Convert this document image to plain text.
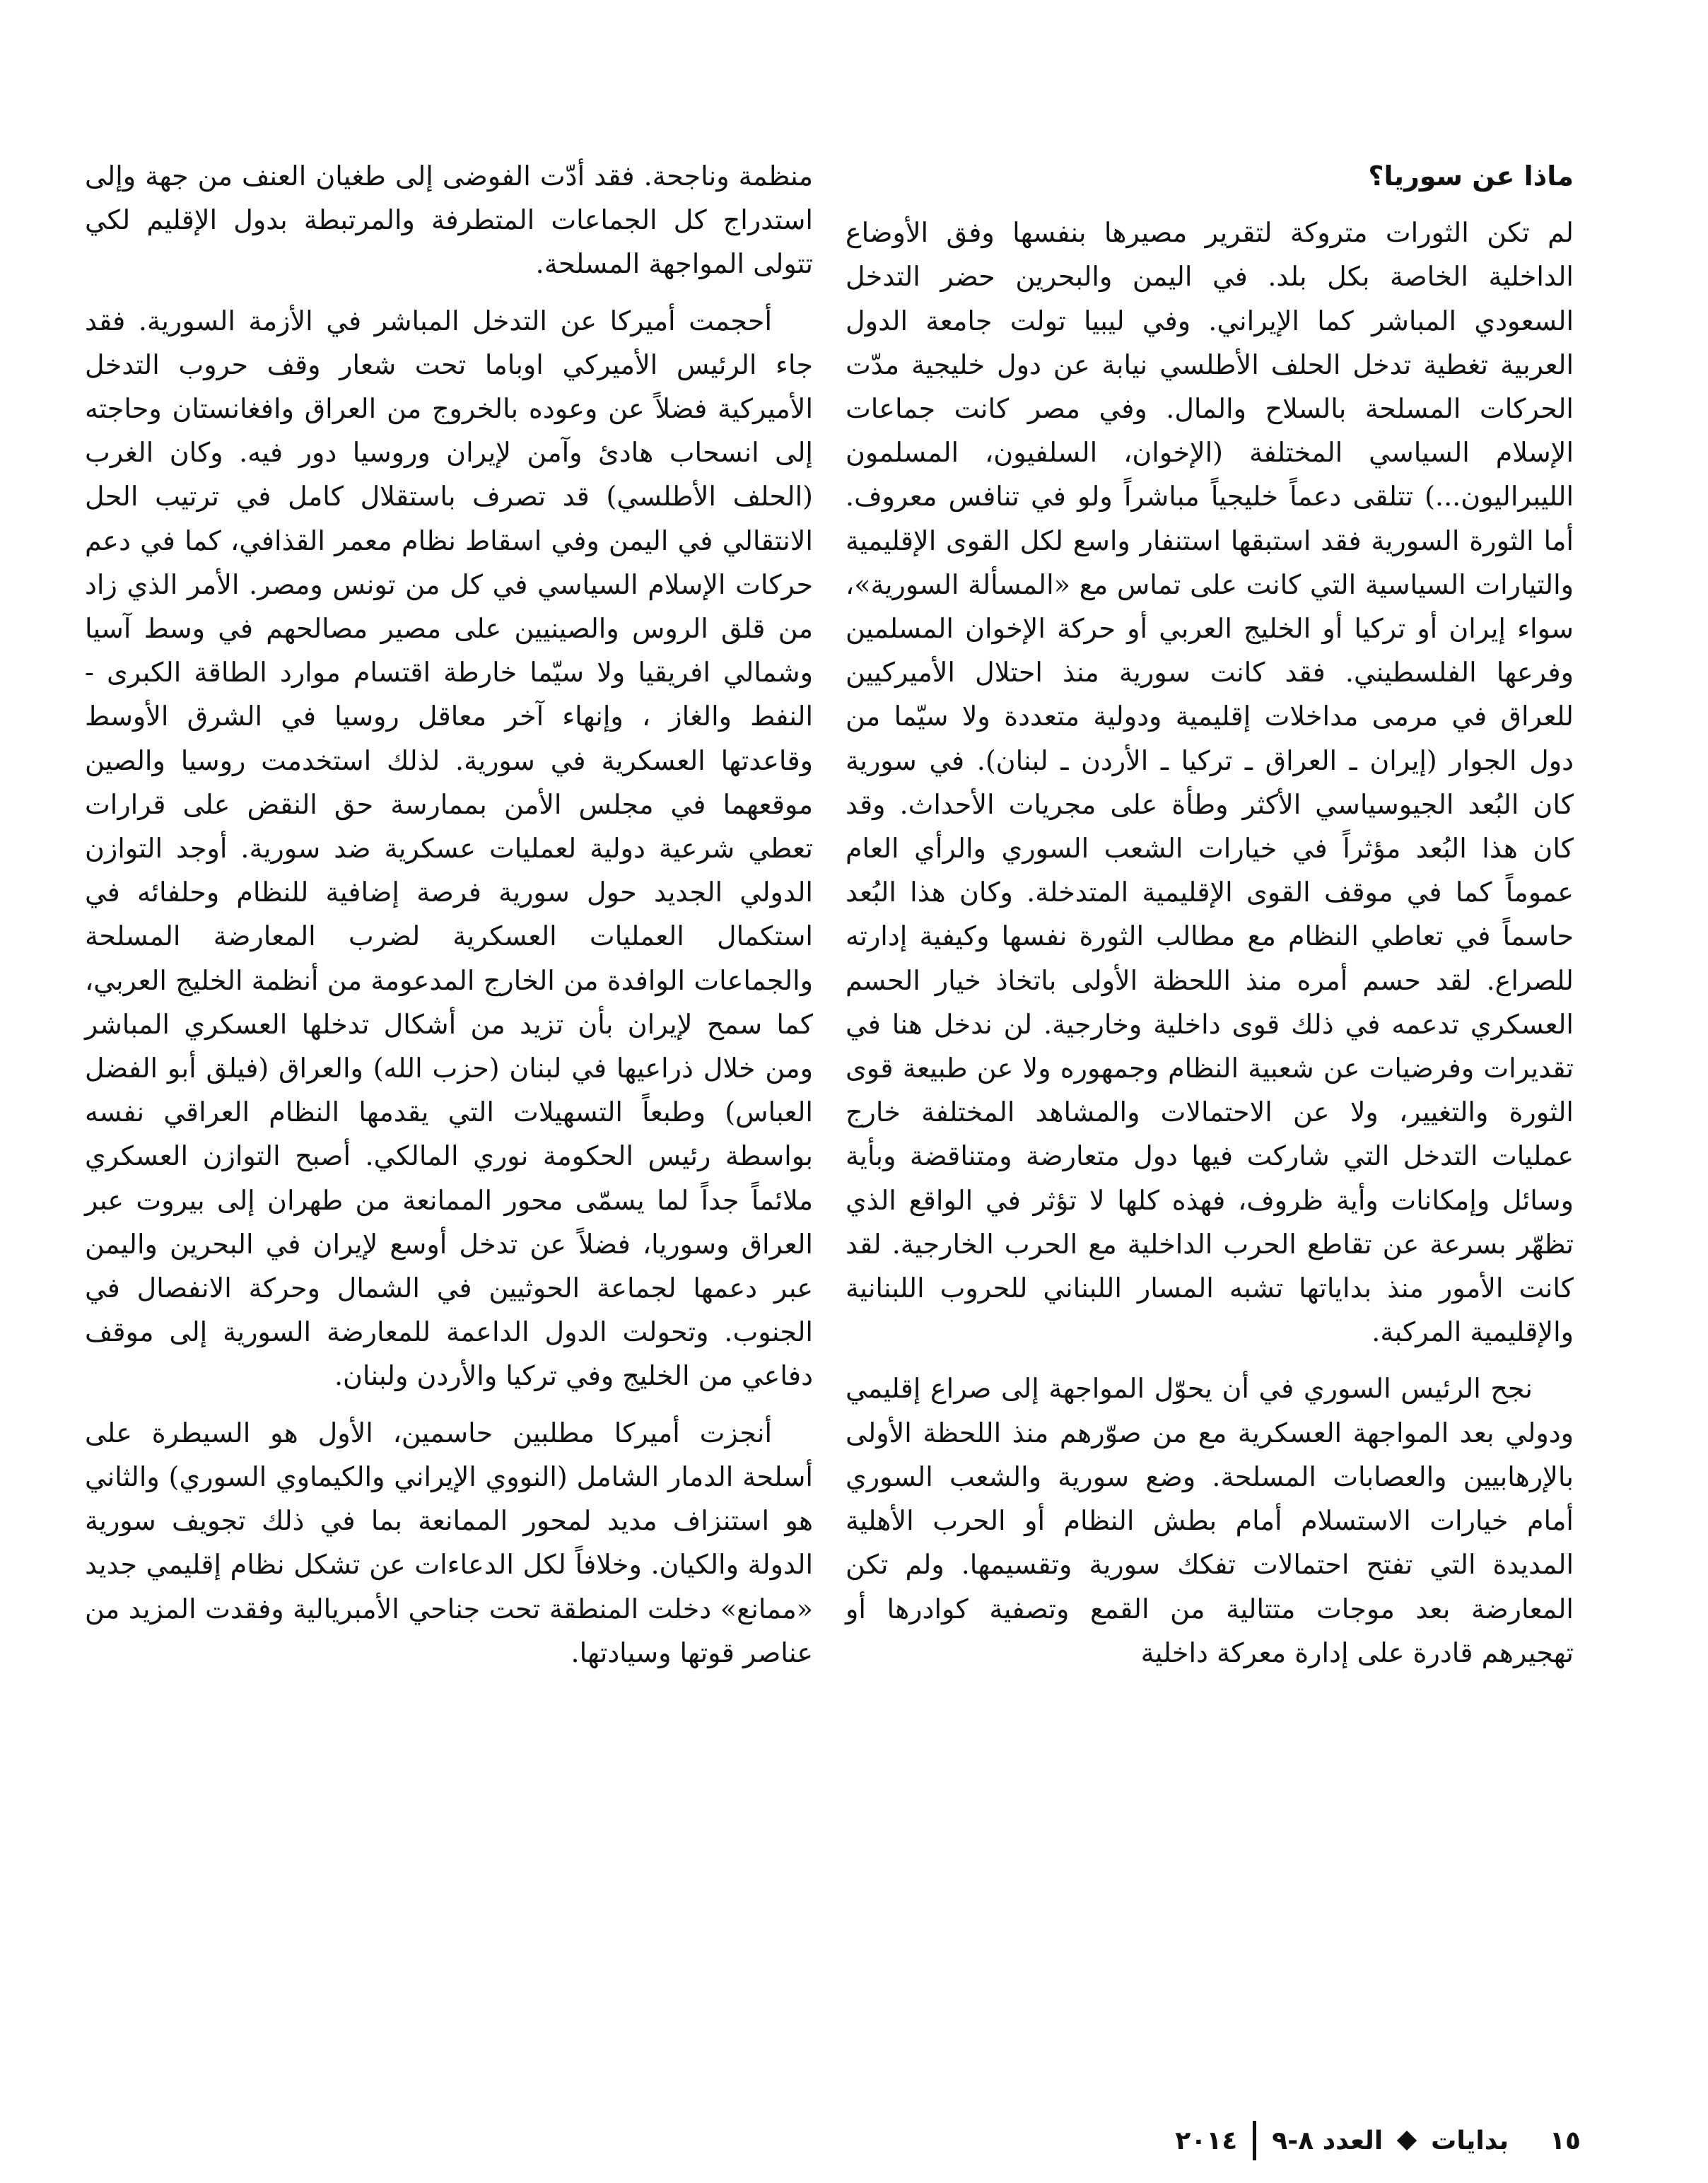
ماذا عن سوريا؟

لم تكن الثورات متروكة لتقرير مصيرها بنفسها وفق الأوضاع الداخلية الخاصة بكل بلد. في اليمن والبحرين حضر التدخل السعودي المباشر كما الإيراني. وفي ليبيا تولت جامعة الدول العربية تغطية تدخل الحلف الأطلسي نيابة عن دول خليجية مدّت الحركات المسلحة بالسلاح والمال. وفي مصر كانت جماعات الإسلام السياسي المختلفة (الإخوان، السلفيون، المسلمون الليبراليون...) تتلقى دعماً خليجياً مباشراً ولو في تنافس معروف. أما الثورة السورية فقد استبقها استنفار واسع لكل القوى الإقليمية والتيارات السياسية التي كانت على تماس مع «المسألة السورية»، سواء إيران أو تركيا أو الخليج العربي أو حركة الإخوان المسلمين وفرعها الفلسطيني. فقد كانت سورية منذ احتلال الأميركيين للعراق في مرمى مداخلات إقليمية ودولية متعددة ولا سيّما من دول الجوار (إيران ـ العراق ـ تركيا ـ الأردن ـ لبنان). في سورية كان البُعد الجيوسياسي الأكثر وطأة على مجريات الأحداث. وقد كان هذا البُعد مؤثراً في خيارات الشعب السوري والرأي العام عموماً كما في موقف القوى الإقليمية المتدخلة. وكان هذا البُعد حاسماً في تعاطي النظام مع مطالب الثورة نفسها وكيفية إدارته للصراع. لقد حسم أمره منذ اللحظة الأولى باتخاذ خيار الحسم العسكري تدعمه في ذلك قوى داخلية وخارجية. لن ندخل هنا في تقديرات وفرضيات عن شعبية النظام وجمهوره ولا عن طبيعة قوى الثورة والتغيير، ولا عن الاحتمالات والمشاهد المختلفة خارج عمليات التدخل التي شاركت فيها دول متعارضة ومتناقضة وبأية وسائل وإمكانات وأية ظروف، فهذه كلها لا تؤثر في الواقع الذي تظهّر بسرعة عن تقاطع الحرب الداخلية مع الحرب الخارجية. لقد كانت الأمور منذ بداياتها تشبه المسار اللبناني للحروب اللبنانية والإقليمية المركبة.

نجح الرئيس السوري في أن يحوّل المواجهة إلى صراع إقليمي ودولي بعد المواجهة العسكرية مع من صوّرهم منذ اللحظة الأولى بالإرهابيين والعصابات المسلحة. وضع سورية والشعب السوري أمام خيارات الاستسلام أمام بطش النظام أو الحرب الأهلية المديدة التي تفتح احتمالات تفكك سورية وتقسيمها. ولم تكن المعارضة بعد موجات متتالية من القمع وتصفية كوادرها أو تهجيرهم قادرة على إدارة معركة داخلية

منظمة وناجحة. فقد أدّت الفوضى إلى طغيان العنف من جهة وإلى استدراج كل الجماعات المتطرفة والمرتبطة بدول الإقليم لكي تتولى المواجهة المسلحة.

أحجمت أميركا عن التدخل المباشر في الأزمة السورية. فقد جاء الرئيس الأميركي اوباما تحت شعار وقف حروب التدخل الأميركية فضلاً عن وعوده بالخروج من العراق وافغانستان وحاجته إلى انسحاب هادئ وآمن لإيران وروسيا دور فيه. وكان الغرب (الحلف الأطلسي) قد تصرف باستقلال كامل في ترتيب الحل الانتقالي في اليمن وفي اسقاط نظام معمر القذافي، كما في دعم حركات الإسلام السياسي في كل من تونس ومصر. الأمر الذي زاد من قلق الروس والصينيين على مصير مصالحهم في وسط آسيا وشمالي افريقيا ولا سيّما خارطة اقتسام موارد الطاقة الكبرى - النفط والغاز ، وإنهاء آخر معاقل روسيا في الشرق الأوسط وقاعدتها العسكرية في سورية. لذلك استخدمت روسيا والصين موقعهما في مجلس الأمن بممارسة حق النقض على قرارات تعطي شرعية دولية لعمليات عسكرية ضد سورية. أوجد التوازن الدولي الجديد حول سورية فرصة إضافية للنظام وحلفائه في استكمال العمليات العسكرية لضرب المعارضة المسلحة والجماعات الوافدة من الخارج المدعومة من أنظمة الخليج العربي، كما سمح لإيران بأن تزيد من أشكال تدخلها العسكري المباشر ومن خلال ذراعيها في لبنان (حزب الله) والعراق (فيلق أبو الفضل العباس) وطبعاً التسهيلات التي يقدمها النظام العراقي نفسه بواسطة رئيس الحكومة نوري المالكي. أصبح التوازن العسكري ملائماً جداً لما يسمّى محور الممانعة من طهران إلى بيروت عبر العراق وسوريا، فضلاً عن تدخل أوسع لإيران في البحرين واليمن عبر دعمها لجماعة الحوثيين في الشمال وحركة الانفصال في الجنوب. وتحولت الدول الداعمة للمعارضة السورية إلى موقف دفاعي من الخليج وفي تركيا والأردن ولبنان.

أنجزت أميركا مطلبين حاسمين، الأول هو السيطرة على أسلحة الدمار الشامل (النووي الإيراني والكيماوي السوري) والثاني هو استنزاف مديد لمحور الممانعة بما في ذلك تجويف سورية الدولة والكيان. وخلافاً لكل الدعاءات عن تشكل نظام إقليمي جديد «ممانع» دخلت المنطقة تحت جناحي الأمبريالية وفقدت المزيد من عناصر قوتها وسيادتها.

١٥
بدايات
العدد ٨-٩
٢٠١٤
